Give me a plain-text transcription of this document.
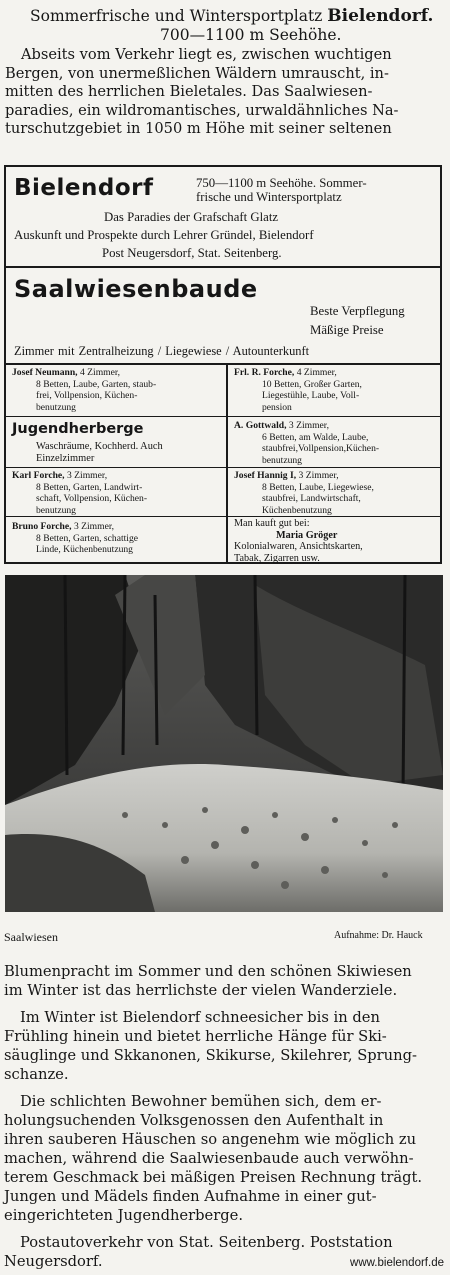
Sommerfrische und Wintersportplatz Bielendorf.
700—1100 m Seehöhe.
Abseits vom Verkehr liegt es, zwischen wuchtigen
Bergen, von unermeßlichen Wäldern umrauscht, in-
mitten des herrlichen Bieletales. Das Saalwiesen-
paradies, ein wildromantisches, urwaldähnliches Na-
turschutzgebiet in 1050 m Höhe mit seiner seltenen
Bielendorf	750—1100 m Seehöhe. Sommer-
frische und Wintersportplatz
Das Paradies der Grafschaft Glatz
Auskunft und Prospekte durch Lehrer Gründel, Bielendorf
Post Neugersdorf, Stat. Seitenberg.
Saalwiesenbaude
Beste Verpflegung
Mäßige Preise
Zimmer mit Zentralheizung / Liegewiese / Autounterkunft
Josef Neumann, 4 Zimmer,
8 Betten, Laube, Garten, staub-
frei, Vollpension, Küchen-
benutzung
Jugendherberge
Waschräume, Kochherd. Auch
Einzelzimmer
Karl Forche, 3 Zimmer,
8 Betten, Garten, Landwirt-
schaft, Vollpension, Küchen-
benutzung
Bruno Forche, 3 Zimmer,
8 Betten, Garten, schattige
Linde, Küchenbenutzung
Frl. R. Forche, 4 Zimmer,
10 Betten, Großer Garten,
Liegestühle, Laube, Voll-
pension
A. Gottwald, 3 Zimmer,
6 Betten, am Walde, Laube,
staubfrei,Vollpension,Küchen-
benutzung
Josef Hannig I, 3 Zimmer,
8 Betten, Laube, Liegewiese,
staubfrei, Landwirtschaft,
Küchenbenutzung
Man kauft gut bei:
Maria Gröger
Kolonialwaren, Ansichtskarten,
Tabak, Zigarren usw.
Saalwiesen	Aufnahme: Dr. Hauck
Blumenpracht im Sommer und den schönen Skiwiesen
im Winter ist das herrlichste der vielen Wanderziele.
Im Winter ist Bielendorf schneesicher bis in den
Frühling hinein und bietet herrliche Hänge für Ski-
säuglinge und Skkanonen, Skikurse, Skilehrer, Sprung-
schanze.
Die schlichten Bewohner bemühen sich, dem er-
holungsuchenden Volksgenossen den Aufenthalt in
ihren sauberen Häuschen so angenehm wie möglich zu
machen, während die Saalwiesenbaude auch verwöhn-
terem Geschmack bei mäßigen Preisen Rechnung trägt.
Jungen und Mädels finden Aufnahme in einer gut-
eingerichteten Jugendherberge.
Postautoverkehr von Stat. Seitenberg. Poststation
Neugersdorf.	www.bielendorf.de
